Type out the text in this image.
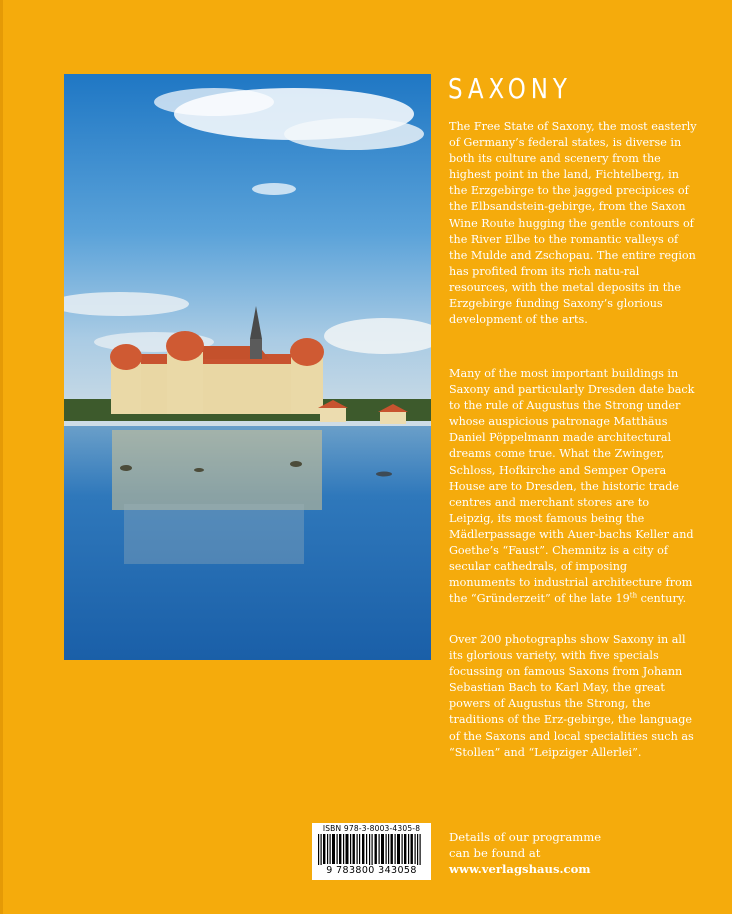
SAXONY

The Free State of Saxony, the most easterly of Germany’s federal states, is diverse in both its culture and scenery from the highest point in the land, Fichtelberg, in the Erzgebirge to the jagged precipices of the Elbsandstein-gebirge, from the Saxon Wine Route hugging the gentle contours of the River Elbe to the romantic valleys of the Mulde and Zschopau. The entire region has profited from its rich natu-ral resources, with the metal deposits in the Erzgebirge funding Saxony’s glorious development of the arts.

Many of the most important buildings in Saxony and particularly Dresden date back to the rule of Augustus the Strong under whose auspicious patronage Matthäus Daniel Pöppelmann made architectural dreams come true. What the Zwinger, Schloss, Hofkirche and Semper Opera House are to Dresden, the historic trade centres and merchant stores are to Leipzig, its most famous being the Mädlerpassage with Auer-bachs Keller and Goethe’s “Faust”. Chemnitz is a city of secular cathedrals, of imposing monuments to industrial architecture from the “Gründerzeit” of the late 19th century.

Over 200 photographs show Saxony in all its glorious variety, with five specials focussing on famous Saxons from Johann Sebastian Bach to Karl May, the great powers of Augustus the Strong, the traditions of the Erz-gebirge, the language of the Saxons and local specialities such as “Stollen” and “Leipziger Allerlei”.

ISBN 978-3-8003-4305-8
9 783800 343058
Details of our programme
can be found at
www.verlagshaus.com
